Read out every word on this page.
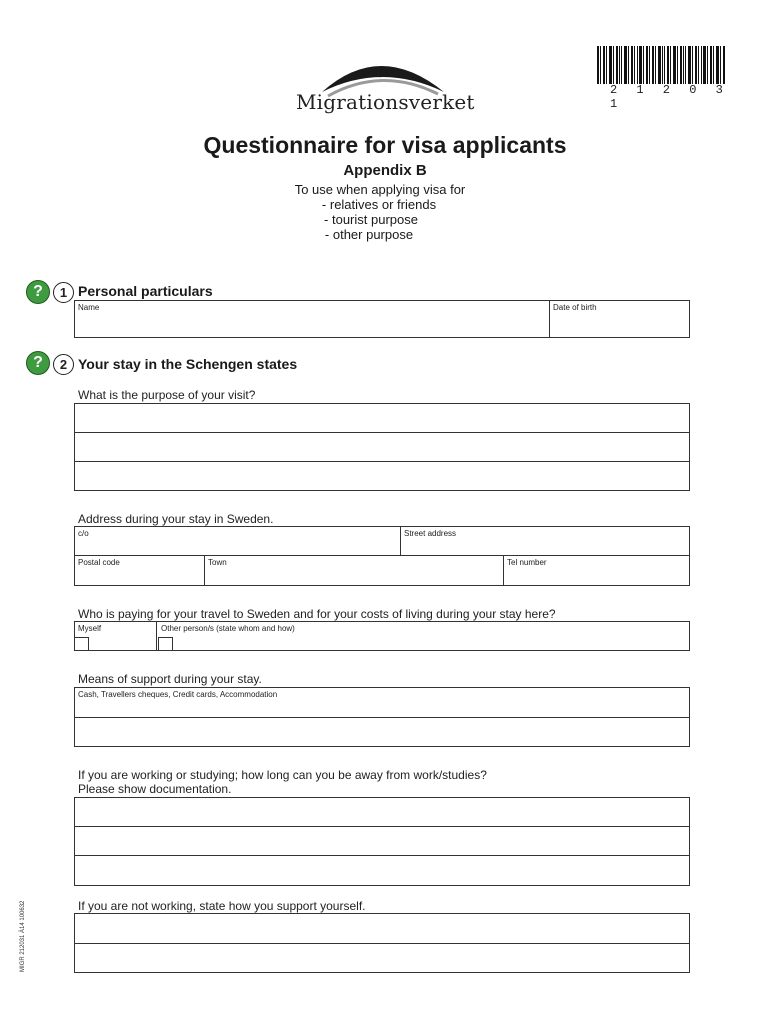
Migrationsverket	2 1 2 0 3 1
Questionnaire for visa applicants
Appendix B
To use when applying visa for
- relatives or friends
- tourist purpose
- other purpose
?	1 Personal particulars
Name	Date of birth
?	2 Your stay in the Schengen states
What is the purpose of your visit?
Address during your stay in Sweden.
c/o	Street address
Postal code	Town	Tel number
Who is paying for your travel to Sweden and for your costs of living during your stay here?
Myself	Other person/s (state whom and how)
Means of support during your stay.
Cash, Travellers cheques, Credit cards, Accommodation
If you are working or studying; how long can you be away from work/studies?
Please show documentation.
If you are not working, state how you support yourself.
MIGR 212031 Ä14 100632
